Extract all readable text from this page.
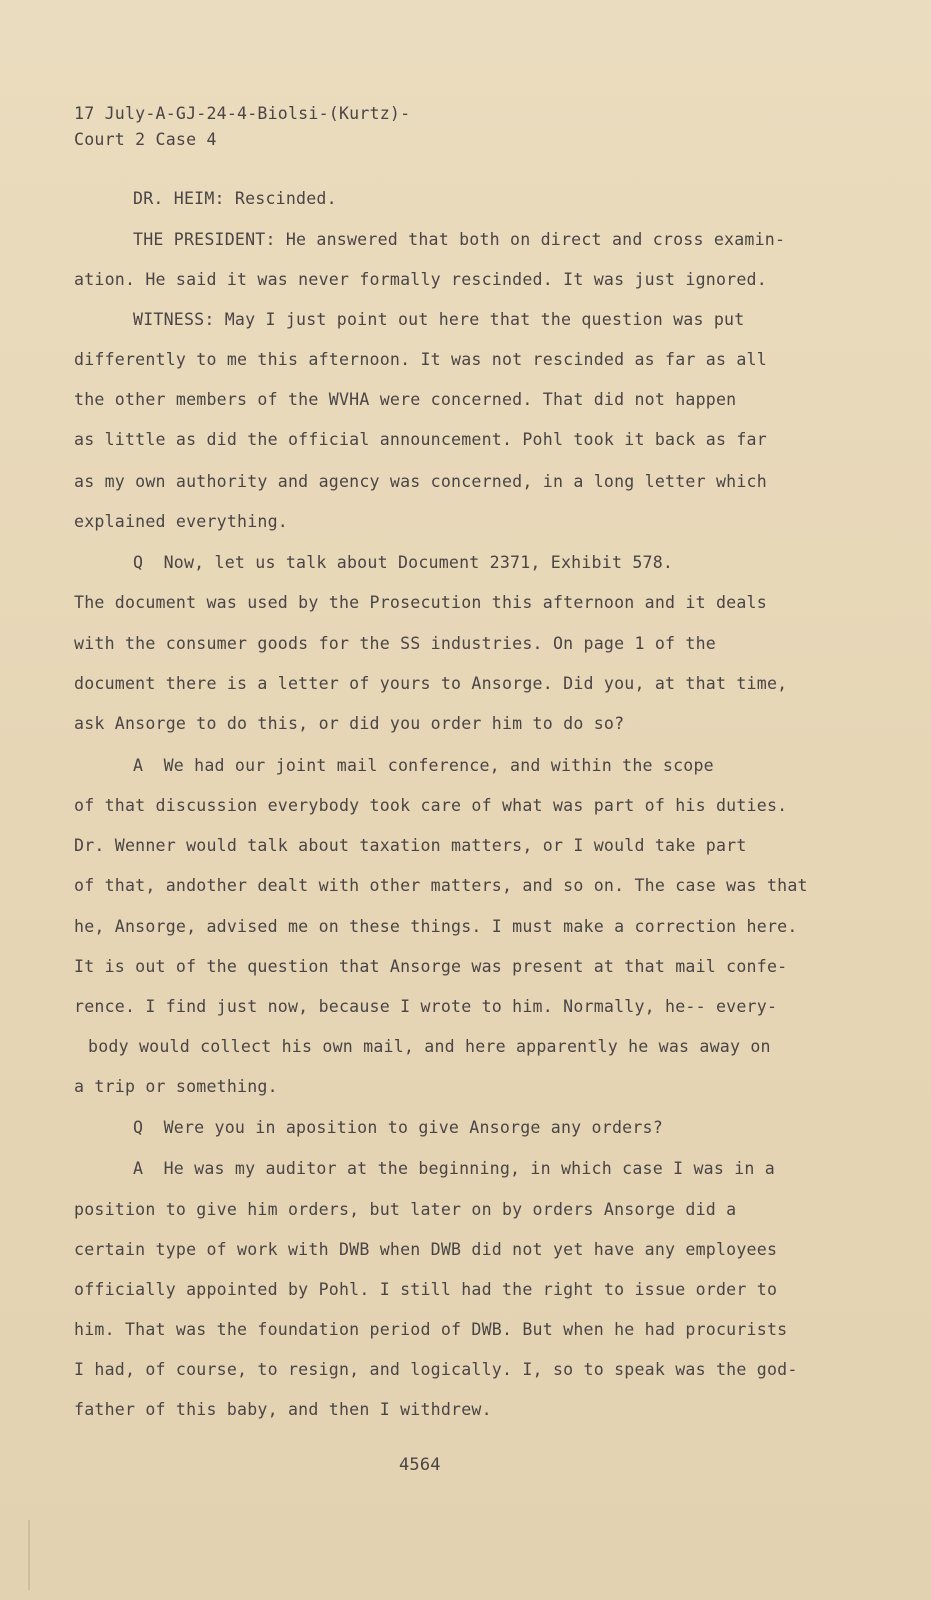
17 July-A-GJ-24-4-Biolsi-(Kurtz)-
Court 2 Case 4
DR. HEIM: Rescinded.
THE PRESIDENT: He answered that both on direct and cross examin-
ation. He said it was never formally rescinded. It was just ignored.
WITNESS: May I just point out here that the question was put
differently to me this afternoon. It was not rescinded as far as all
the other members of the WVHA were concerned. That did not happen
as little as did the official announcement. Pohl took it back as far
as my own authority and agency was concerned, in a long letter which
explained everything.
Q  Now, let us talk about Document 2371, Exhibit 578.
The document was used by the Prosecution this afternoon and it deals
with the consumer goods for the SS industries. On page 1 of the
document there is a letter of yours to Ansorge. Did you, at that time,
ask Ansorge to do this, or did you order him to do so?
A  We had our joint mail conference, and within the scope
of that discussion everybody took care of what was part of his duties.
Dr. Wenner would talk about taxation matters, or I would take part
of that, andother dealt with other matters, and so on. The case was that
he, Ansorge, advised me on these things. I must make a correction here.
It is out of the question that Ansorge was present at that mail confe-
rence. I find just now, because I wrote to him. Normally, he-- every-
body would collect his own mail, and here apparently he was away on
a trip or something.
Q  Were you in aposition to give Ansorge any orders?
A  He was my auditor at the beginning, in which case I was in a
position to give him orders, but later on by orders Ansorge did a
certain type of work with DWB when DWB did not yet have any employees
officially appointed by Pohl. I still had the right to issue order to
him. That was the foundation period of DWB. But when he had procurists
I had, of course, to resign, and logically. I, so to speak was the god-
father of this baby, and then I withdrew.
4564
